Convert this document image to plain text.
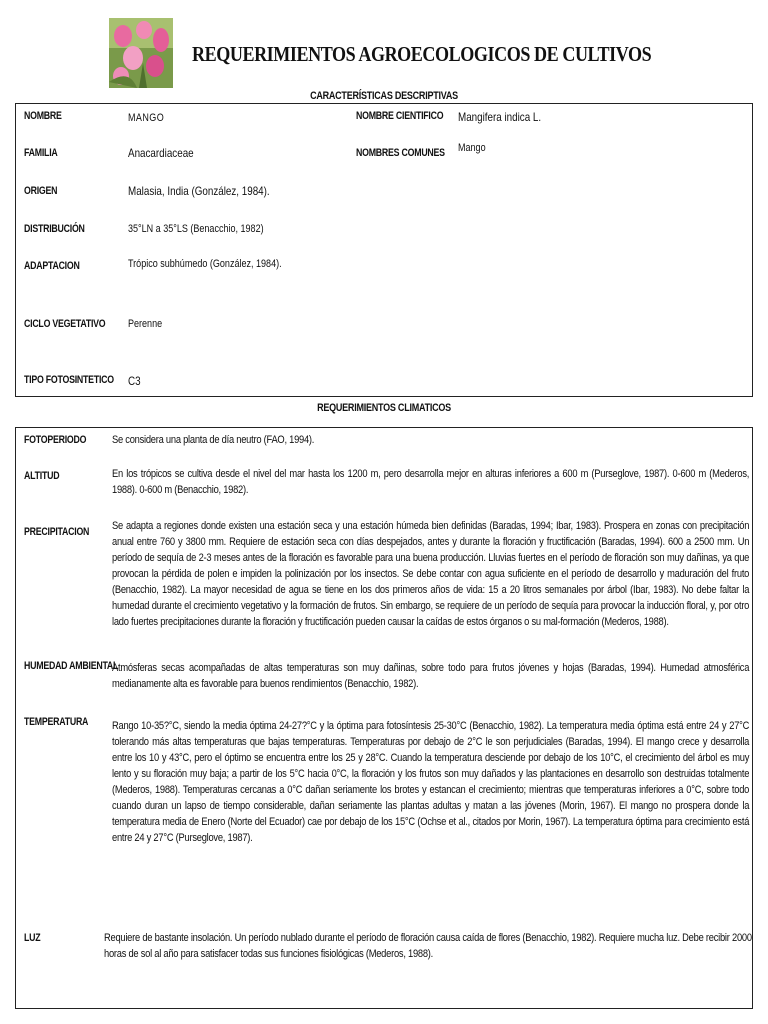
REQUERIMIENTOS AGROECOLOGICOS DE CULTIVOS
CARACTERÍSTICAS DESCRIPTIVAS
NOMBRE	MANGO	NOMBRE CIENTIFICO Mangifera indica L.
FAMILIA	Anacardiaceae	NOMBRES COMUNES Mango
ORIGEN	Malasia, India (González, 1984).
DISTRIBUCIÓN	35°LN a 35°LS (Benacchio, 1982)
ADAPTACION	Trópico subhúmedo (González, 1984).
CICLO VEGETATIVO Perenne
TIPO FOTOSINTETICO C3
REQUERIMIENTOS CLIMATICOS
FOTOPERIODO Se considera una planta de día neutro (FAO, 1994).
ALTITUD	En los trópicos se cultiva desde el nivel del mar hasta los 1200 m, pero desarrolla mejor en alturas inferiores a 600 m (Purseglove, 1987). 0-600 m (Mederos, 1988). 0-600 m (Benacchio, 1982).
PRECIPITACION Se adapta a regiones donde existen una estación seca y una estación húmeda bien definidas (Baradas, 1994; Ibar, 1983). Prospera en zonas con precipitación anual entre 760 y 3800 mm. Requiere de estación seca con días despejados, antes y durante la floración y fructificación (Baradas, 1994). 600 a 2500 mm. Un período de sequía de 2-3 meses antes de la floración es favorable para una buena producción. Lluvias fuertes en el período de floración son muy dañinas, ya que provocan la pérdida de polen e impiden la polinización por los insectos. Se debe contar con agua suficiente en el período de desarrollo y maduración del fruto (Benacchio, 1982). La mayor necesidad de agua se tiene en los dos primeros años de vida: 15 a 20 litros semanales por árbol (Ibar, 1983). No debe faltar la humedad durante el crecimiento vegetativo y la formación de frutos. Sin embargo, se requiere de un período de sequía para provocar la inducción floral, y, por otro lado fuertes precipitaciones durante la floración y fructificación pueden causar la caídas de estos órganos o su mal-formación (Mederos, 1988).
HUMEDAD AMBIENTAL
Atmósferas secas acompañadas de altas temperaturas son muy dañinas, sobre todo para frutos jóvenes y hojas (Baradas, 1994). Humedad atmosférica medianamente alta es favorable para buenos rendimientos (Benacchio, 1982).
TEMPERATURA Rango 10-35?°C, siendo la media óptima 24-27?°C y la óptima para fotosíntesis 25-30°C (Benacchio, 1982). La temperatura media óptima está entre 24 y 27°C tolerando más altas temperaturas que bajas temperaturas. Temperaturas por debajo de 2°C le son perjudiciales (Baradas, 1994). El mango crece y desarrolla entre los 10 y 43°C, pero el óptimo se encuentra entre los 25 y 28°C. Cuando la temperatura desciende por debajo de los 10°C, el crecimiento del árbol es muy lento y su floración muy baja; a partir de los 5°C hacia 0°C, la floración y los frutos son muy dañados y las plantaciones en desarrollo son destruidas totalmente (Mederos, 1988). Temperaturas cercanas a 0°C dañan seriamente los brotes y estancan el crecimiento; mientras que temperaturas inferiores a 0°C, sobre todo cuando duran un lapso de tiempo considerable, dañan seriamente las plantas adultas y matan a las jóvenes (Morin, 1967). El mango no prospera donde la temperatura media de Enero (Norte del Ecuador) cae por debajo de los 15°C (Ochse et al., citados por Morin, 1967). La temperatura óptima para crecimiento está entre 24 y 27°C (Purseglove, 1987).
LUZ	Requiere de bastante insolación. Un período nublado durante el período de floración causa caída de flores (Benacchio, 1982). Requiere mucha luz. Debe recibir 2000 horas de sol al año para satisfacer todas sus funciones fisiológicas (Mederos, 1988).
